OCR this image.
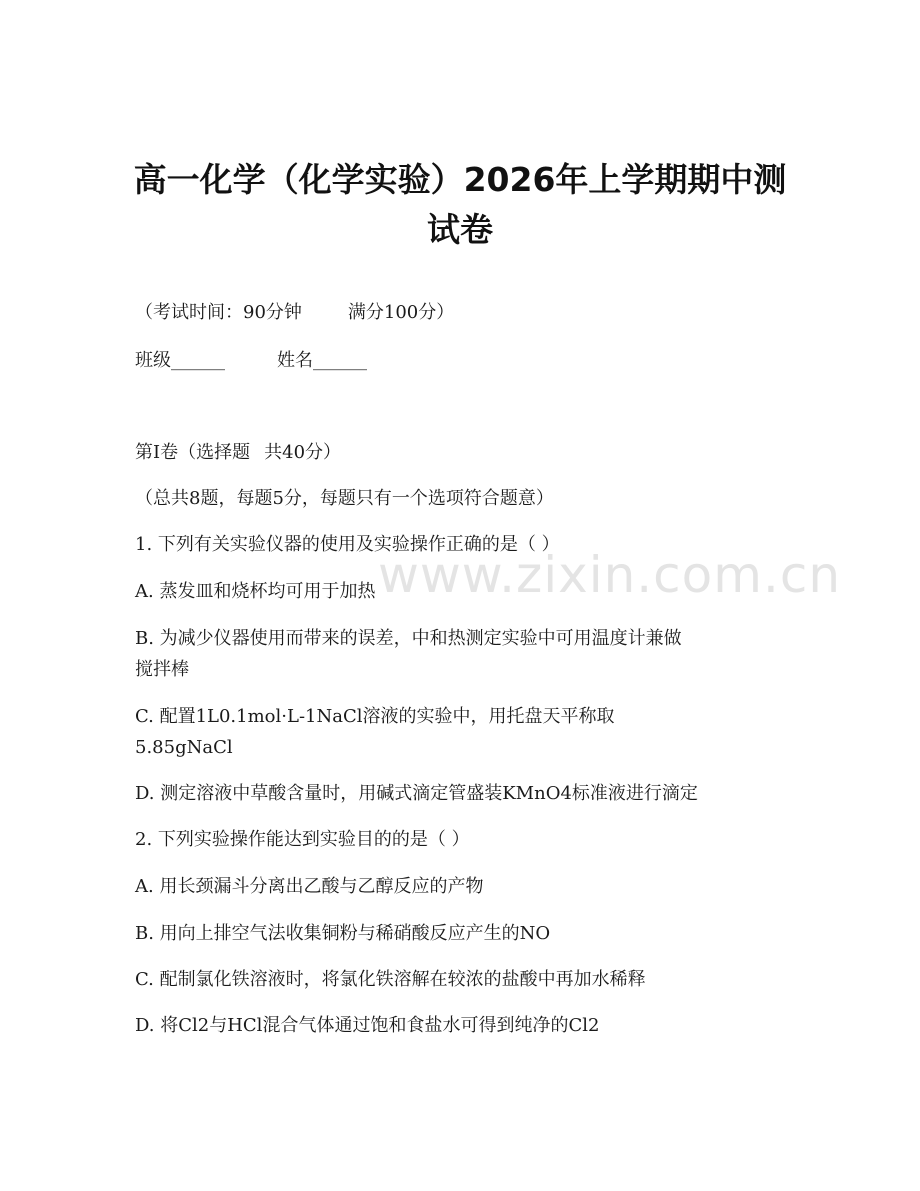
www.zixin.com.cn
高一化学（化学实验）2026年上学期期中测
试卷
（考试时间：90分钟	满分100分）
班级______	姓名______
第Ⅰ卷（选择题 共40分）
（总共8题，每题5分，每题只有一个选项符合题意）
1. 下列有关实验仪器的使用及实验操作正确的是（ ）
A. 蒸发皿和烧杯均可用于加热
B. 为减少仪器使用而带来的误差，中和热测定实验中可用温度计兼做
搅拌棒
C. 配置1L0.1mol·L-1NaCl溶液的实验中，用托盘天平称取
5.85gNaCl
D. 测定溶液中草酸含量时，用碱式滴定管盛装KMnO4标准液进行滴定
2. 下列实验操作能达到实验目的的是（ ）
A. 用长颈漏斗分离出乙酸与乙醇反应的产物
B. 用向上排空气法收集铜粉与稀硝酸反应产生的NO
C. 配制氯化铁溶液时，将氯化铁溶解在较浓的盐酸中再加水稀释
D. 将Cl2与HCl混合气体通过饱和食盐水可得到纯净的Cl2
